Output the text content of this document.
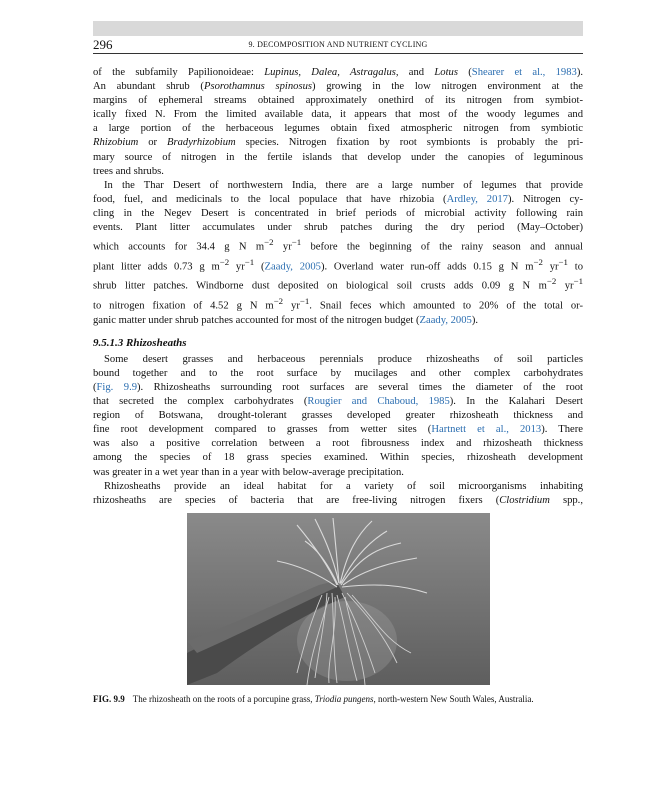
296	9. DECOMPOSITION AND NUTRIENT CYCLING
of the subfamily Papilionoideae: Lupinus, Dalea, Astragalus, and Lotus (Shearer et al., 1983).
An abundant shrub (Psorothamnus spinosus) growing in the low nitrogen environment at the
margins of ephemeral streams obtained approximately onethird of its nitrogen from symbiot-
ically fixed N. From the limited available data, it appears that most of the woody legumes and
a large portion of the herbaceous legumes obtain fixed atmospheric nitrogen from symbiotic
Rhizobium or Bradyrhizobium species. Nitrogen fixation by root symbionts is probably the pri-
mary source of nitrogen in the fertile islands that develop under the canopies of leguminous
trees and shrubs.
In the Thar Desert of northwestern India, there are a large number of legumes that provide
food, fuel, and medicinals to the local populace that have rhizobia (Ardley, 2017). Nitrogen cy-
cling in the Negev Desert is concentrated in brief periods of microbial activity following rain
events. Plant litter accumulates under shrub patches during the dry period (May–October)
which accounts for 34.4 g N $m^{-2}$ $yr^{-1}$ before the beginning of the rainy season and annual
plant litter adds 0.73 g $m^{-2}$ $yr^{-1}$ (Zaady, 2005). Overland water run-off adds 0.15 g N $m^{-2}$ $yr^{-1}$ to
shrub litter patches. Windborne dust deposited on biological soil crusts adds 0.09 g N $m^{-2}$ $yr^{-1}$
to nitrogen fixation of 4.52 g N $m^{-2}$ $yr^{-1}$. Snail feces which amounted to 20% of the total or-
ganic matter under shrub patches accounted for most of the nitrogen budget (Zaady, 2005).
9.5.1.3 Rhizosheaths
Some desert grasses and herbaceous perennials produce rhizosheaths of soil particles
bound together and to the root surface by mucilages and other complex carbohydrates
(Fig. 9.9). Rhizosheaths surrounding root surfaces are several times the diameter of the root
that secreted the complex carbohydrates (Rougier and Chaboud, 1985). In the Kalahari Desert
region of Botswana, drought-tolerant grasses developed greater rhizosheath thickness and
fine root development compared to grasses from wetter sites (Hartnett et al., 2013). There
was also a positive correlation between a root fibrousness index and rhizosheath thickness
among the species of 18 grass species examined. Within species, rhizosheath development
was greater in a wet year than in a year with below-average precipitation.
Rhizosheaths provide an ideal habitat for a variety of soil microorganisms inhabiting
rhizosheaths are species of bacteria that are free-living nitrogen fixers (Clostridium spp.,
FIG. 9.9 The rhizosheath on the roots of a porcupine grass, Triodia pungens, north-western New South Wales, Australia.
